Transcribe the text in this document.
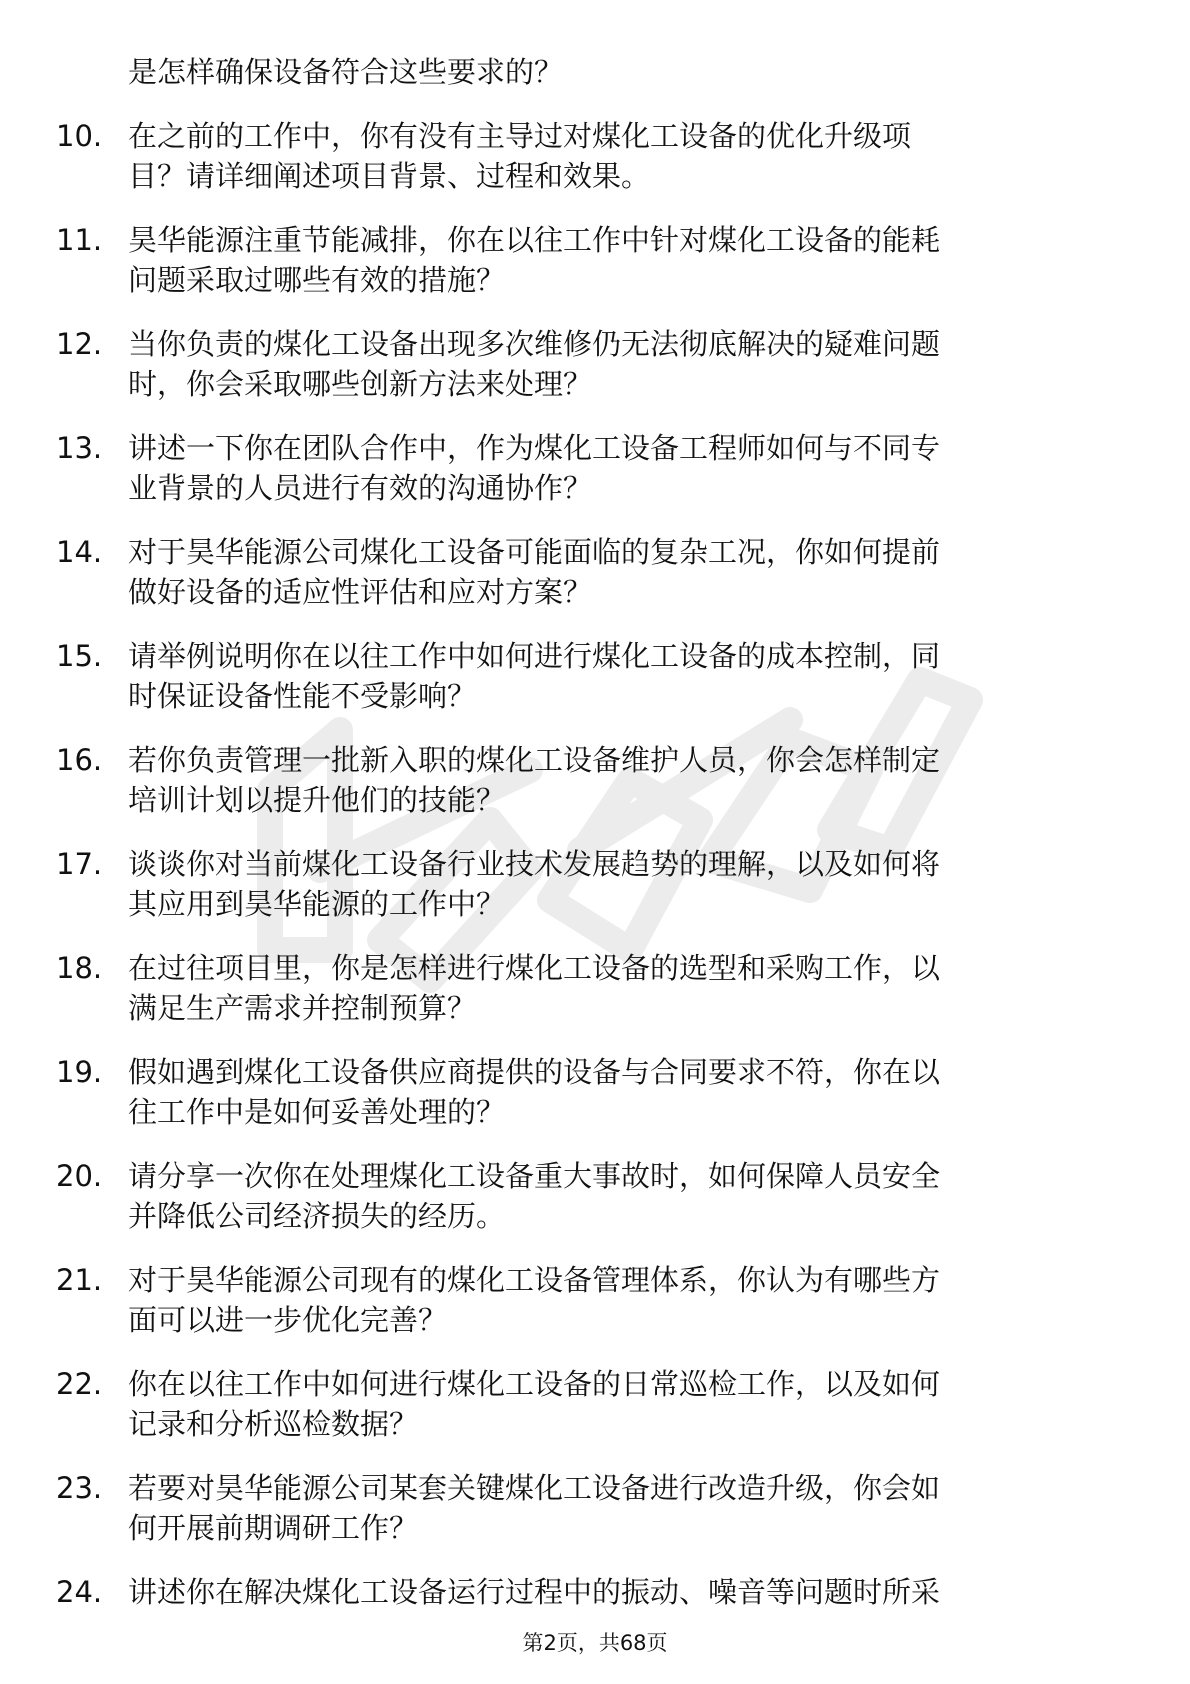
是怎样确保设备符合这些要求的？
10. 在之前的工作中，你有没有主导过对煤化工设备的优化升级项
目？请详细阐述项目背景、过程和效果。
11. 昊华能源注重节能减排，你在以往工作中针对煤化工设备的能耗
问题采取过哪些有效的措施？
12. 当你负责的煤化工设备出现多次维修仍无法彻底解决的疑难问题
时，你会采取哪些创新方法来处理？
13. 讲述一下你在团队合作中，作为煤化工设备工程师如何与不同专
业背景的人员进行有效的沟通协作？
14. 对于昊华能源公司煤化工设备可能面临的复杂工况，你如何提前
做好设备的适应性评估和应对方案？
15. 请举例说明你在以往工作中如何进行煤化工设备的成本控制，同
时保证设备性能不受影响？
16. 若你负责管理一批新入职的煤化工设备维护人员，你会怎样制定
培训计划以提升他们的技能？
17. 谈谈你对当前煤化工设备行业技术发展趋势的理解，以及如何将
其应用到昊华能源的工作中？
18. 在过往项目里，你是怎样进行煤化工设备的选型和采购工作，以
满足生产需求并控制预算？
19. 假如遇到煤化工设备供应商提供的设备与合同要求不符，你在以
往工作中是如何妥善处理的？
20. 请分享一次你在处理煤化工设备重大事故时，如何保障人员安全
并降低公司经济损失的经历。
21. 对于昊华能源公司现有的煤化工设备管理体系，你认为有哪些方
面可以进一步优化完善？
22. 你在以往工作中如何进行煤化工设备的日常巡检工作，以及如何
记录和分析巡检数据？
23. 若要对昊华能源公司某套关键煤化工设备进行改造升级，你会如
何开展前期调研工作？
24. 讲述你在解决煤化工设备运行过程中的振动、噪音等问题时所采
第2页，共68页
